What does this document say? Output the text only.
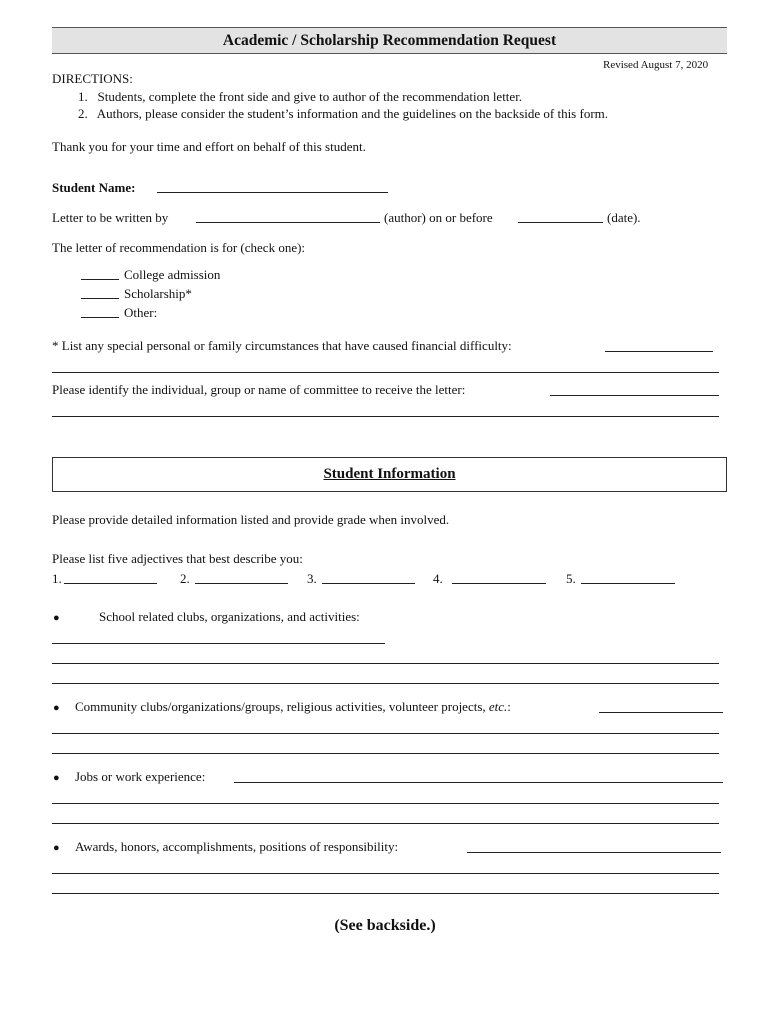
Academic / Scholarship Recommendation Request
Revised August 7, 2020
DIRECTIONS:
1.   Students, complete the front side and give to author of the recommendation letter.
2.   Authors, please consider the student’s information and the guidelines on the backside of this form.
Thank you for your time and effort on behalf of this student.
Student Name:
Letter to be written by	(author) on or before	(date).
The letter of recommendation is for (check one):
College admission
Scholarship*
Other:
* List any special personal or family circumstances that have caused financial difficulty:
Please identify the individual, group or name of committee to receive the letter:
Student Information
Please provide detailed information listed and provide grade when involved.
Please list five adjectives that best describe you:
1.	2.	3.	4.	5.
●	School related clubs, organizations, and activities:
● Community clubs/organizations/groups, religious activities, volunteer projects, etc.:
● Jobs or work experience:
● Awards, honors, accomplishments, positions of responsibility:
(See backside.)
